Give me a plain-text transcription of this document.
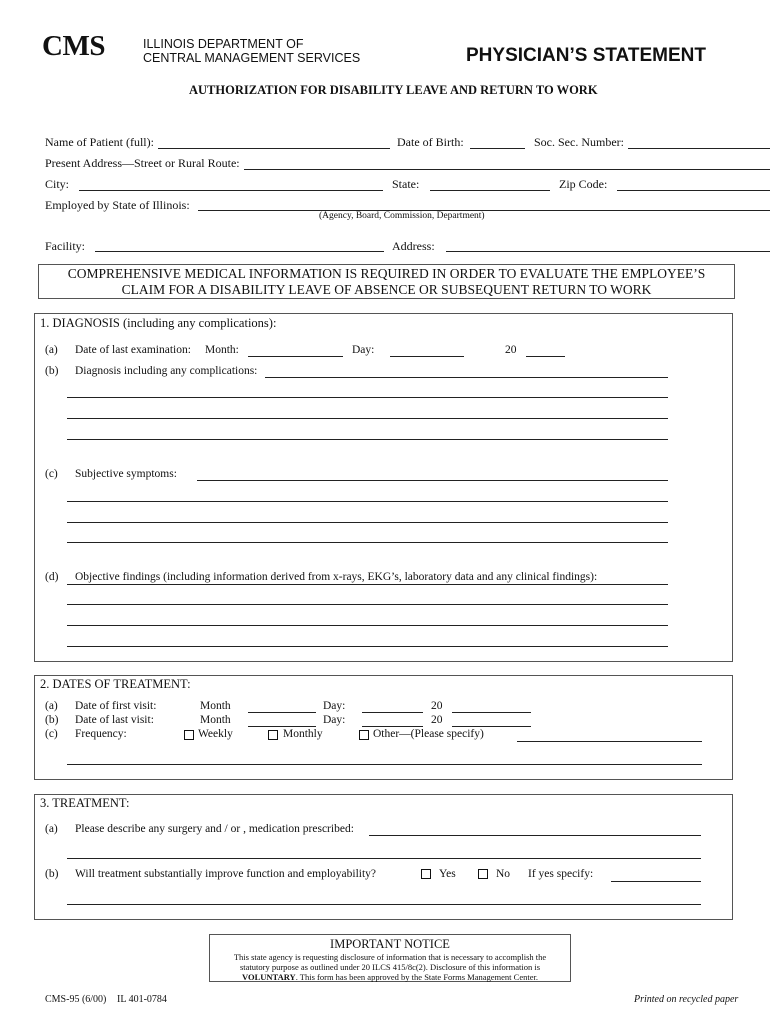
CMS	ILLINOIS DEPARTMENT OF
CENTRAL MANAGEMENT SERVICES	PHYSICIAN’S STATEMENT
AUTHORIZATION FOR DISABILITY LEAVE AND RETURN TO WORK
Name of Patient (full):	Date of Birth:	Soc. Sec. Number:
Present Address—Street or Rural Route:
City:	State:	Zip Code:
Employed by State of Illinois:
(Agency, Board, Commission, Department)
Facility:	Address:
COMPREHENSIVE MEDICAL INFORMATION IS REQUIRED IN ORDER TO EVALUATE THE EMPLOYEE’S
CLAIM FOR A DISABILITY LEAVE OF ABSENCE OR SUBSEQUENT RETURN TO WORK
1. DIAGNOSIS (including any complications):
(a) Date of last examination: Month:	Day:	20
(b) Diagnosis including any complications:
(c) Subjective symptoms:
(d) Objective findings (including information derived from x-rays, EKG’s, laboratory data and any clinical findings):
2. DATES OF TREATMENT:
(a) Date of first visit:	Month	Day:	20
(b) Date of last visit:	Month	Day:	20
(c) Frequency:	Weekly	Monthly	Other—(Please specify)
3. TREATMENT:
(a) Please describe any surgery and / or , medication prescribed:
(b) Will treatment substantially improve function and employability?	Yes	No If yes specify:
IMPORTANT NOTICE
This state agency is requesting disclosure of information that is necessary to accomplish the
statutory purpose as outlined under 20 ILCS 415/8c(2). Disclosure of this information is
VOLUNTARY. This form has been approved by the State Forms Management Center.
CMS-95 (6/00) IL 401-0784	Printed on recycled paper
